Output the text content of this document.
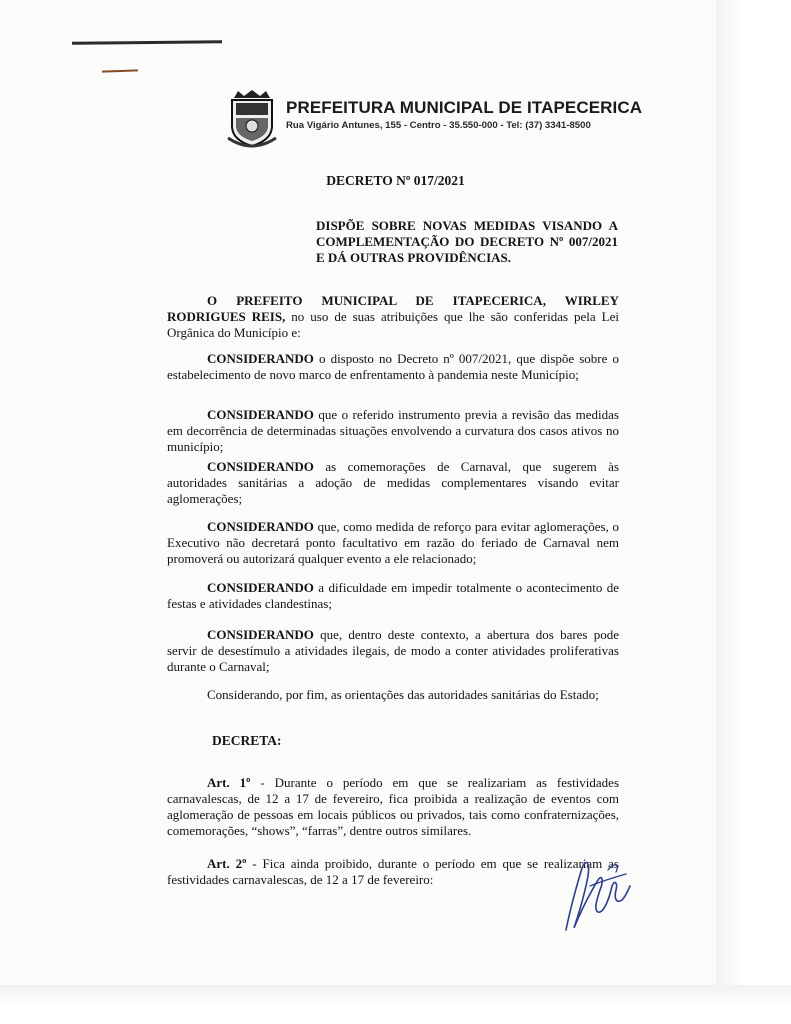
PREFEITURA MUNICIPAL DE ITAPECERICA
Rua Vigário Antunes, 155 - Centro - 35.550-000 - Tel: (37) 3341-8500
DECRETO Nº 017/2021
DISPÕE SOBRE NOVAS MEDIDAS VISANDO A COMPLEMENTAÇÃO DO DECRETO Nº 007/2021 E DÁ OUTRAS PROVIDÊNCIAS.
O PREFEITO MUNICIPAL DE ITAPECERICA, WIRLEY RODRIGUES REIS, no uso de suas atribuições que lhe são conferidas pela Lei Orgânica do Município e:
CONSIDERANDO o disposto no Decreto nº 007/2021, que dispõe sobre o estabelecimento de novo marco de enfrentamento à pandemia neste Município;
CONSIDERANDO que o referido instrumento previa a revisão das medidas em decorrência de determinadas situações envolvendo a curvatura dos casos ativos no município;
CONSIDERANDO as comemorações de Carnaval, que sugerem às autoridades sanitárias a adoção de medidas complementares visando evitar aglomerações;
CONSIDERANDO que, como medida de reforço para evitar aglomerações, o Executivo não decretará ponto facultativo em razão do feriado de Carnaval nem promoverá ou autorizará qualquer evento a ele relacionado;
CONSIDERANDO a dificuldade em impedir totalmente o acontecimento de festas e atividades clandestinas;
CONSIDERANDO que, dentro deste contexto, a abertura dos bares pode servir de desestímulo a atividades ilegais, de modo a conter atividades proliferativas durante o Carnaval;
Considerando, por fim, as orientações das autoridades sanitárias do Estado;
DECRETA:
Art. 1º - Durante o período em que se realizariam as festividades carnavalescas, de 12 a 17 de fevereiro, fica proibida a realização de eventos com aglomeração de pessoas em locais públicos ou privados, tais como confraternizações, comemorações, “shows”, “farras”, dentre outros similares.
Art. 2º - Fica ainda proibido, durante o período em que se realizariam as festividades carnavalescas, de 12 a 17 de fevereiro:
